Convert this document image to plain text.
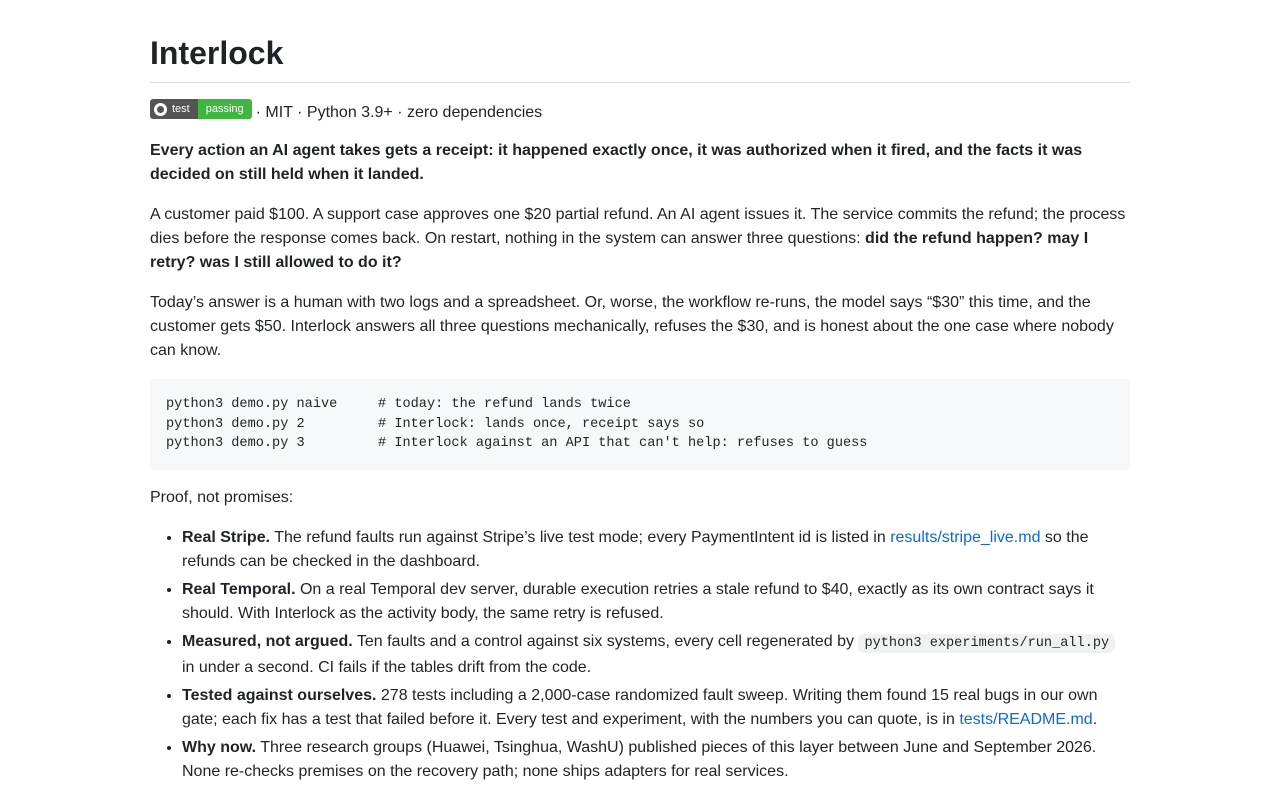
Interlock
test	passing · MIT · Python 3.9+ · zero dependencies

Every action an AI agent takes gets a receipt: it happened exactly once, it was authorized when it fired, and the facts it was decided on still held when it landed.

A customer paid $100. A support case approves one $20 partial refund. An AI agent issues it. The service commits the refund; the process dies before the response comes back. On restart, nothing in the system can answer three questions: did the refund happen? may I retry? was I still allowed to do it?

Today’s answer is a human with two logs and a spreadsheet. Or, worse, the workflow re-runs, the model says “$30” this time, and the customer gets $50. Interlock answers all three questions mechanically, refuses the $30, and is honest about the one case where nobody can know.

python3 demo.py naive	# today: the refund lands twice
python3 demo.py 2	# Interlock: lands once, receipt says so
python3 demo.py 3	# Interlock against an API that can't help: refuses to guess

Proof, not promises:

• Real Stripe. The refund faults run against Stripe’s live test mode; every PaymentIntent id is listed in results/stripe_live.md so the refunds can be checked in the dashboard.
• Real Temporal. On a real Temporal dev server, durable execution retries a stale refund to $40, exactly as its own contract says it should. With Interlock as the activity body, the same retry is refused.
• Measured, not argued. Ten faults and a control against six systems, every cell regenerated by python3 experiments/run_all.py in under a second. CI fails if the tables drift from the code.
• Tested against ourselves. 278 tests including a 2,000-case randomized fault sweep. Writing them found 15 real bugs in our own gate; each fix has a test that failed before it. Every test and experiment, with the numbers you can quote, is in tests/README.md.
• Why now. Three research groups (Huawei, Tsinghua, WashU) published pieces of this layer between June and September 2026. None re-checks premises on the recovery path; none ships adapters for real services.
